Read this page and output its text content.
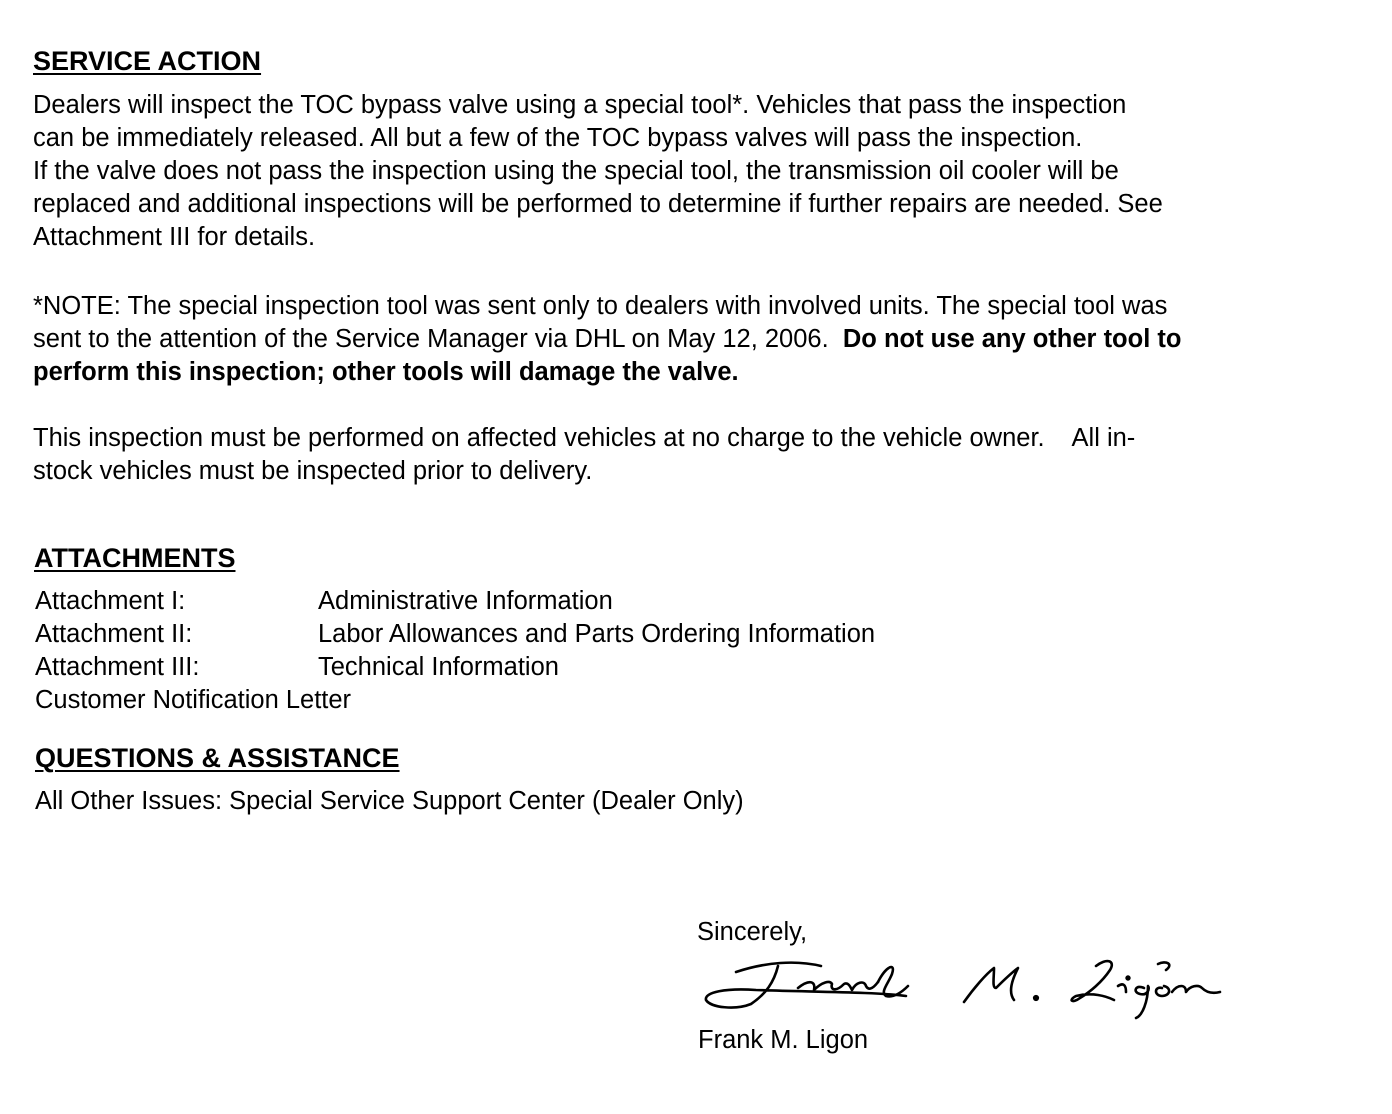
SERVICE ACTION
Dealers will inspect the TOC bypass valve using a special tool*. Vehicles that pass the inspection
can be immediately released. All but a few of the TOC bypass valves will pass the inspection.
If the valve does not pass the inspection using the special tool, the transmission oil cooler will be
replaced and additional inspections will be performed to determine if further repairs are needed. See
Attachment III for details.
*NOTE: The special inspection tool was sent only to dealers with involved units. The special tool was
sent to the attention of the Service Manager via DHL on May 12, 2006.  Do not use any other tool to
perform this inspection; other tools will damage the valve.
This inspection must be performed on affected vehicles at no charge to the vehicle owner.    All in-
stock vehicles must be inspected prior to delivery.
ATTACHMENTS
Attachment I:	Administrative Information
Attachment II:	Labor Allowances and Parts Ordering Information
Attachment III:	Technical Information
Customer Notification Letter
QUESTIONS & ASSISTANCE
All Other Issues: Special Service Support Center (Dealer Only)
Sincerely,
Frank M. Ligon
Frank M. Ligon
